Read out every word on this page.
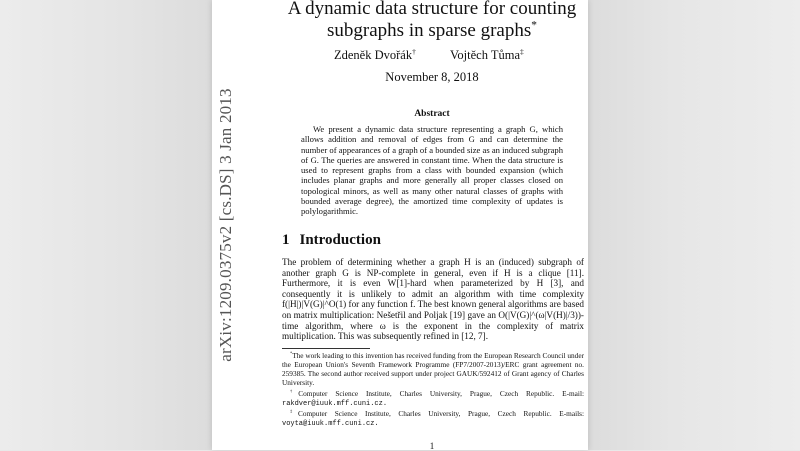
arXiv:1209.0375v2 [cs.DS] 3 Jan 2013
A dynamic data structure for counting
subgraphs in sparse graphs*
Zdeněk Dvořák†	Vojtěch Tůma‡
November 8, 2018
Abstract

We present a dynamic data structure representing a graph G, which allows addition and removal of edges from G and can determine the number of appearances of a graph of a bounded size as an induced subgraph of G. The queries are answered in constant time. When the data structure is used to represent graphs from a class with bounded expansion (which includes planar graphs and more generally all proper classes closed on topological minors, as well as many other natural classes of graphs with bounded average degree), the amortized time complexity of updates is polylogarithmic.

1 Introduction

The problem of determining whether a graph H is an (induced) subgraph of another graph G is NP-complete in general, even if H is a clique [11]. Furthermore, it is even W[1]-hard when parameterized by H [3], and consequently it is unlikely to admit an algorithm with time complexity f(|H|)|V(G)|^O(1) for any function f. The best known general algorithms are based on matrix multiplication: Nešetřil and Poljak [19] gave an O(|V(G)|^(ω|V(H)|/3))-time algorithm, where ω is the exponent in the complexity of matrix multiplication. This was subsequently refined in [12, 7].

*The work leading to this invention has received funding from the European Research Council under the European Union's Seventh Framework Programme (FP7/2007-2013)/ERC grant agreement no. 259385. The second author received support under project GAUK/592412 of Grant agency of Charles University.

†Computer Science Institute, Charles University, Prague, Czech Republic. E-mail: rakdver@iuuk.mff.cuni.cz.

‡Computer Science Institute, Charles University, Prague, Czech Republic. E-mails: voyta@iuuk.mff.cuni.cz.

1
